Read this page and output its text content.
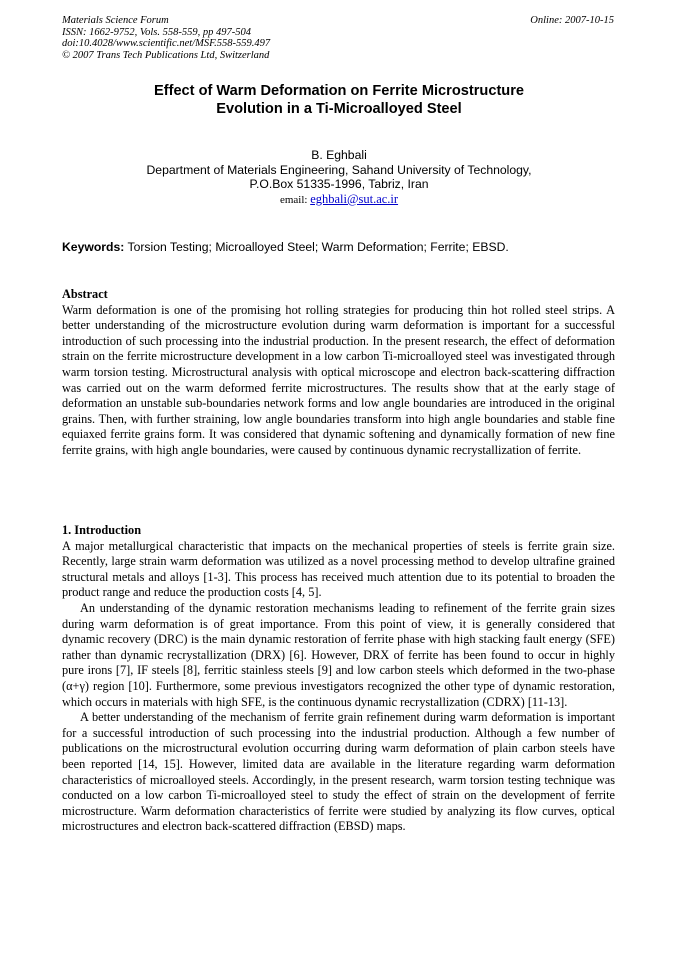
Materials Science Forum
ISSN: 1662-9752, Vols. 558-559, pp 497-504
doi:10.4028/www.scientific.net/MSF.558-559.497
© 2007 Trans Tech Publications Ltd, Switzerland
Online: 2007-10-15
Effect of Warm Deformation on Ferrite Microstructure
Evolution in a Ti-Microalloyed Steel
B. Eghbali
Department of Materials Engineering, Sahand University of Technology,
P.O.Box 51335-1996, Tabriz, Iran
email: eghbali@sut.ac.ir
Keywords: Torsion Testing; Microalloyed Steel; Warm Deformation; Ferrite; EBSD.
Abstract

Warm deformation is one of the promising hot rolling strategies for producing thin hot rolled steel strips. A better understanding of the microstructure evolution during warm deformation is important for a successful introduction of such processing into the industrial production. In the present research, the effect of deformation strain on the ferrite microstructure development in a low carbon Ti-microalloyed steel was investigated through warm torsion testing. Microstructural analysis with optical microscope and electron back-scattering diffraction was carried out on the warm deformed ferrite microstructures. The results show that at the early stage of deformation an unstable sub-boundaries network forms and low angle boundaries are introduced in the original grains. Then, with further straining, low angle boundaries transform into high angle boundaries and stable fine equiaxed ferrite grains form. It was considered that dynamic softening and dynamically formation of new fine ferrite grains, with high angle boundaries, were caused by continuous dynamic recrystallization of ferrite.

1. Introduction

A major metallurgical characteristic that impacts on the mechanical properties of steels is ferrite grain size. Recently, large strain warm deformation was utilized as a novel processing method to develop ultrafine grained structural metals and alloys [1-3]. This process has received much attention due to its potential to broaden the product range and reduce the production costs [4, 5].

An understanding of the dynamic restoration mechanisms leading to refinement of the ferrite grain sizes during warm deformation is of great importance. From this point of view, it is generally considered that dynamic recovery (DRC) is the main dynamic restoration of ferrite phase with high stacking fault energy (SFE) rather than dynamic recrystallization (DRX) [6]. However, DRX of ferrite has been found to occur in highly pure irons [7], IF steels [8], ferritic stainless steels [9] and low carbon steels which deformed in the two-phase (α+γ) region [10]. Furthermore, some previous investigators recognized the other type of dynamic restoration, which occurs in materials with high SFE, is the continuous dynamic recrystallization (CDRX) [11-13].

A better understanding of the mechanism of ferrite grain refinement during warm deformation is important for a successful introduction of such processing into the industrial production. Although a few number of publications on the microstructural evolution occurring during warm deformation of plain carbon steels have been reported [14, 15]. However, limited data are available in the literature regarding warm deformation characteristics of microalloyed steels. Accordingly, in the present research, warm torsion testing technique was conducted on a low carbon Ti-microalloyed steel to study the effect of strain on the development of ferrite microstructure. Warm deformation characteristics of ferrite were studied by analyzing its flow curves, optical microstructures and electron back-scattered diffraction (EBSD) maps.
